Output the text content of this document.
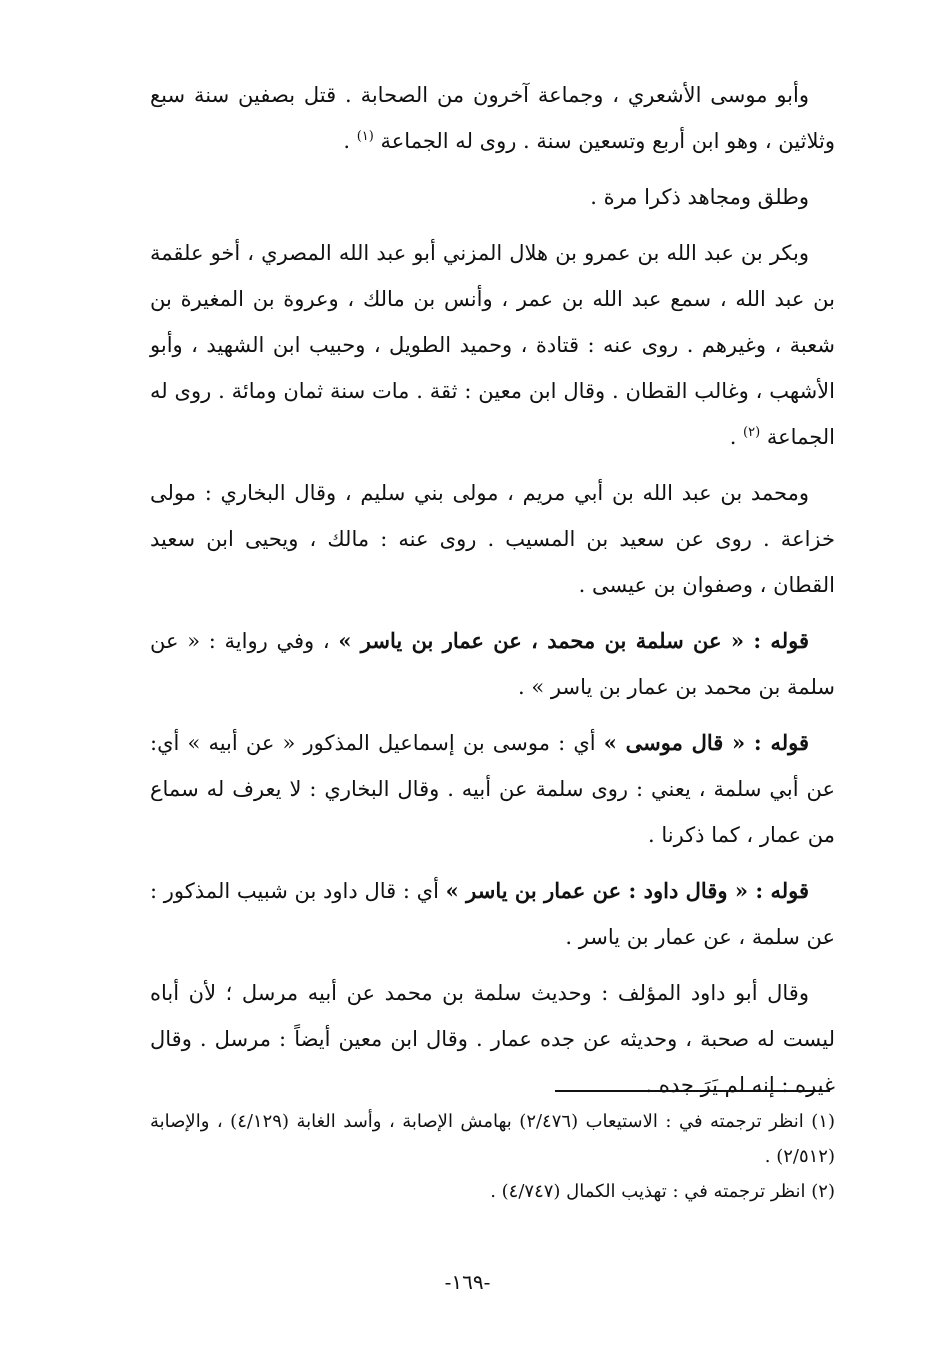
وأبو موسى الأشعري ، وجماعة آخرون من الصحابة . قتل بصفين سنة سبع وثلاثين ، وهو ابن أربع وتسعين سنة . روى له الجماعة $^{(١)}$ .

وطلق ومجاهد ذكرا مرة .

وبكر بن عبد الله بن عمرو بن هلال المزني أبو عبد الله المصري ، أخو علقمة بن عبد الله ، سمع عبد الله بن عمر ، وأنس بن مالك ، وعروة بن المغيرة بن شعبة ، وغيرهم . روى عنه : قتادة ، وحميد الطويل ، وحبيب ابن الشهيد ، وأبو الأشهب ، وغالب القطان . وقال ابن معين : ثقة . مات سنة ثمان ومائة . روى له الجماعة $^{(٢)}$ .

ومحمد بن عبد الله بن أبي مريم ، مولى بني سليم ، وقال البخاري : مولى خزاعة . روى عن سعيد بن المسيب . روى عنه : مالك ، ويحيى ابن سعيد القطان ، وصفوان بن عيسى .

قوله : « عن سلمة بن محمد ، عن عمار بن ياسر » ، وفي رواية : « عن سلمة بن محمد بن عمار بن ياسر » .

قوله : « قال موسى » أي : موسى بن إسماعيل المذكور « عن أبيه » أي: عن أبي سلمة ، يعني : روى سلمة عن أبيه . وقال البخاري : لا يعرف له سماع من عمار ، كما ذكرنا .

قوله : « وقال داود : عن عمار بن ياسر » أي : قال داود بن شبيب المذكور : عن سلمة ، عن عمار بن ياسر .

وقال أبو داود المؤلف : وحديث سلمة بن محمد عن أبيه مرسل ؛ لأن أباه ليست له صحبة ، وحديثه عن جده عمار . وقال ابن معين أيضاً : مرسل . وقال غيره : إنه لم يَرَ جده .

(١) انظر ترجمته في : الاستيعاب (٢/٤٧٦) بهامش الإصابة ، وأسد الغابة (٤/١٢٩) ، والإصابة (٢/٥١٢) .

(٢) انظر ترجمته في : تهذيب الكمال (٤/٧٤٧) .

-١٦٩-
